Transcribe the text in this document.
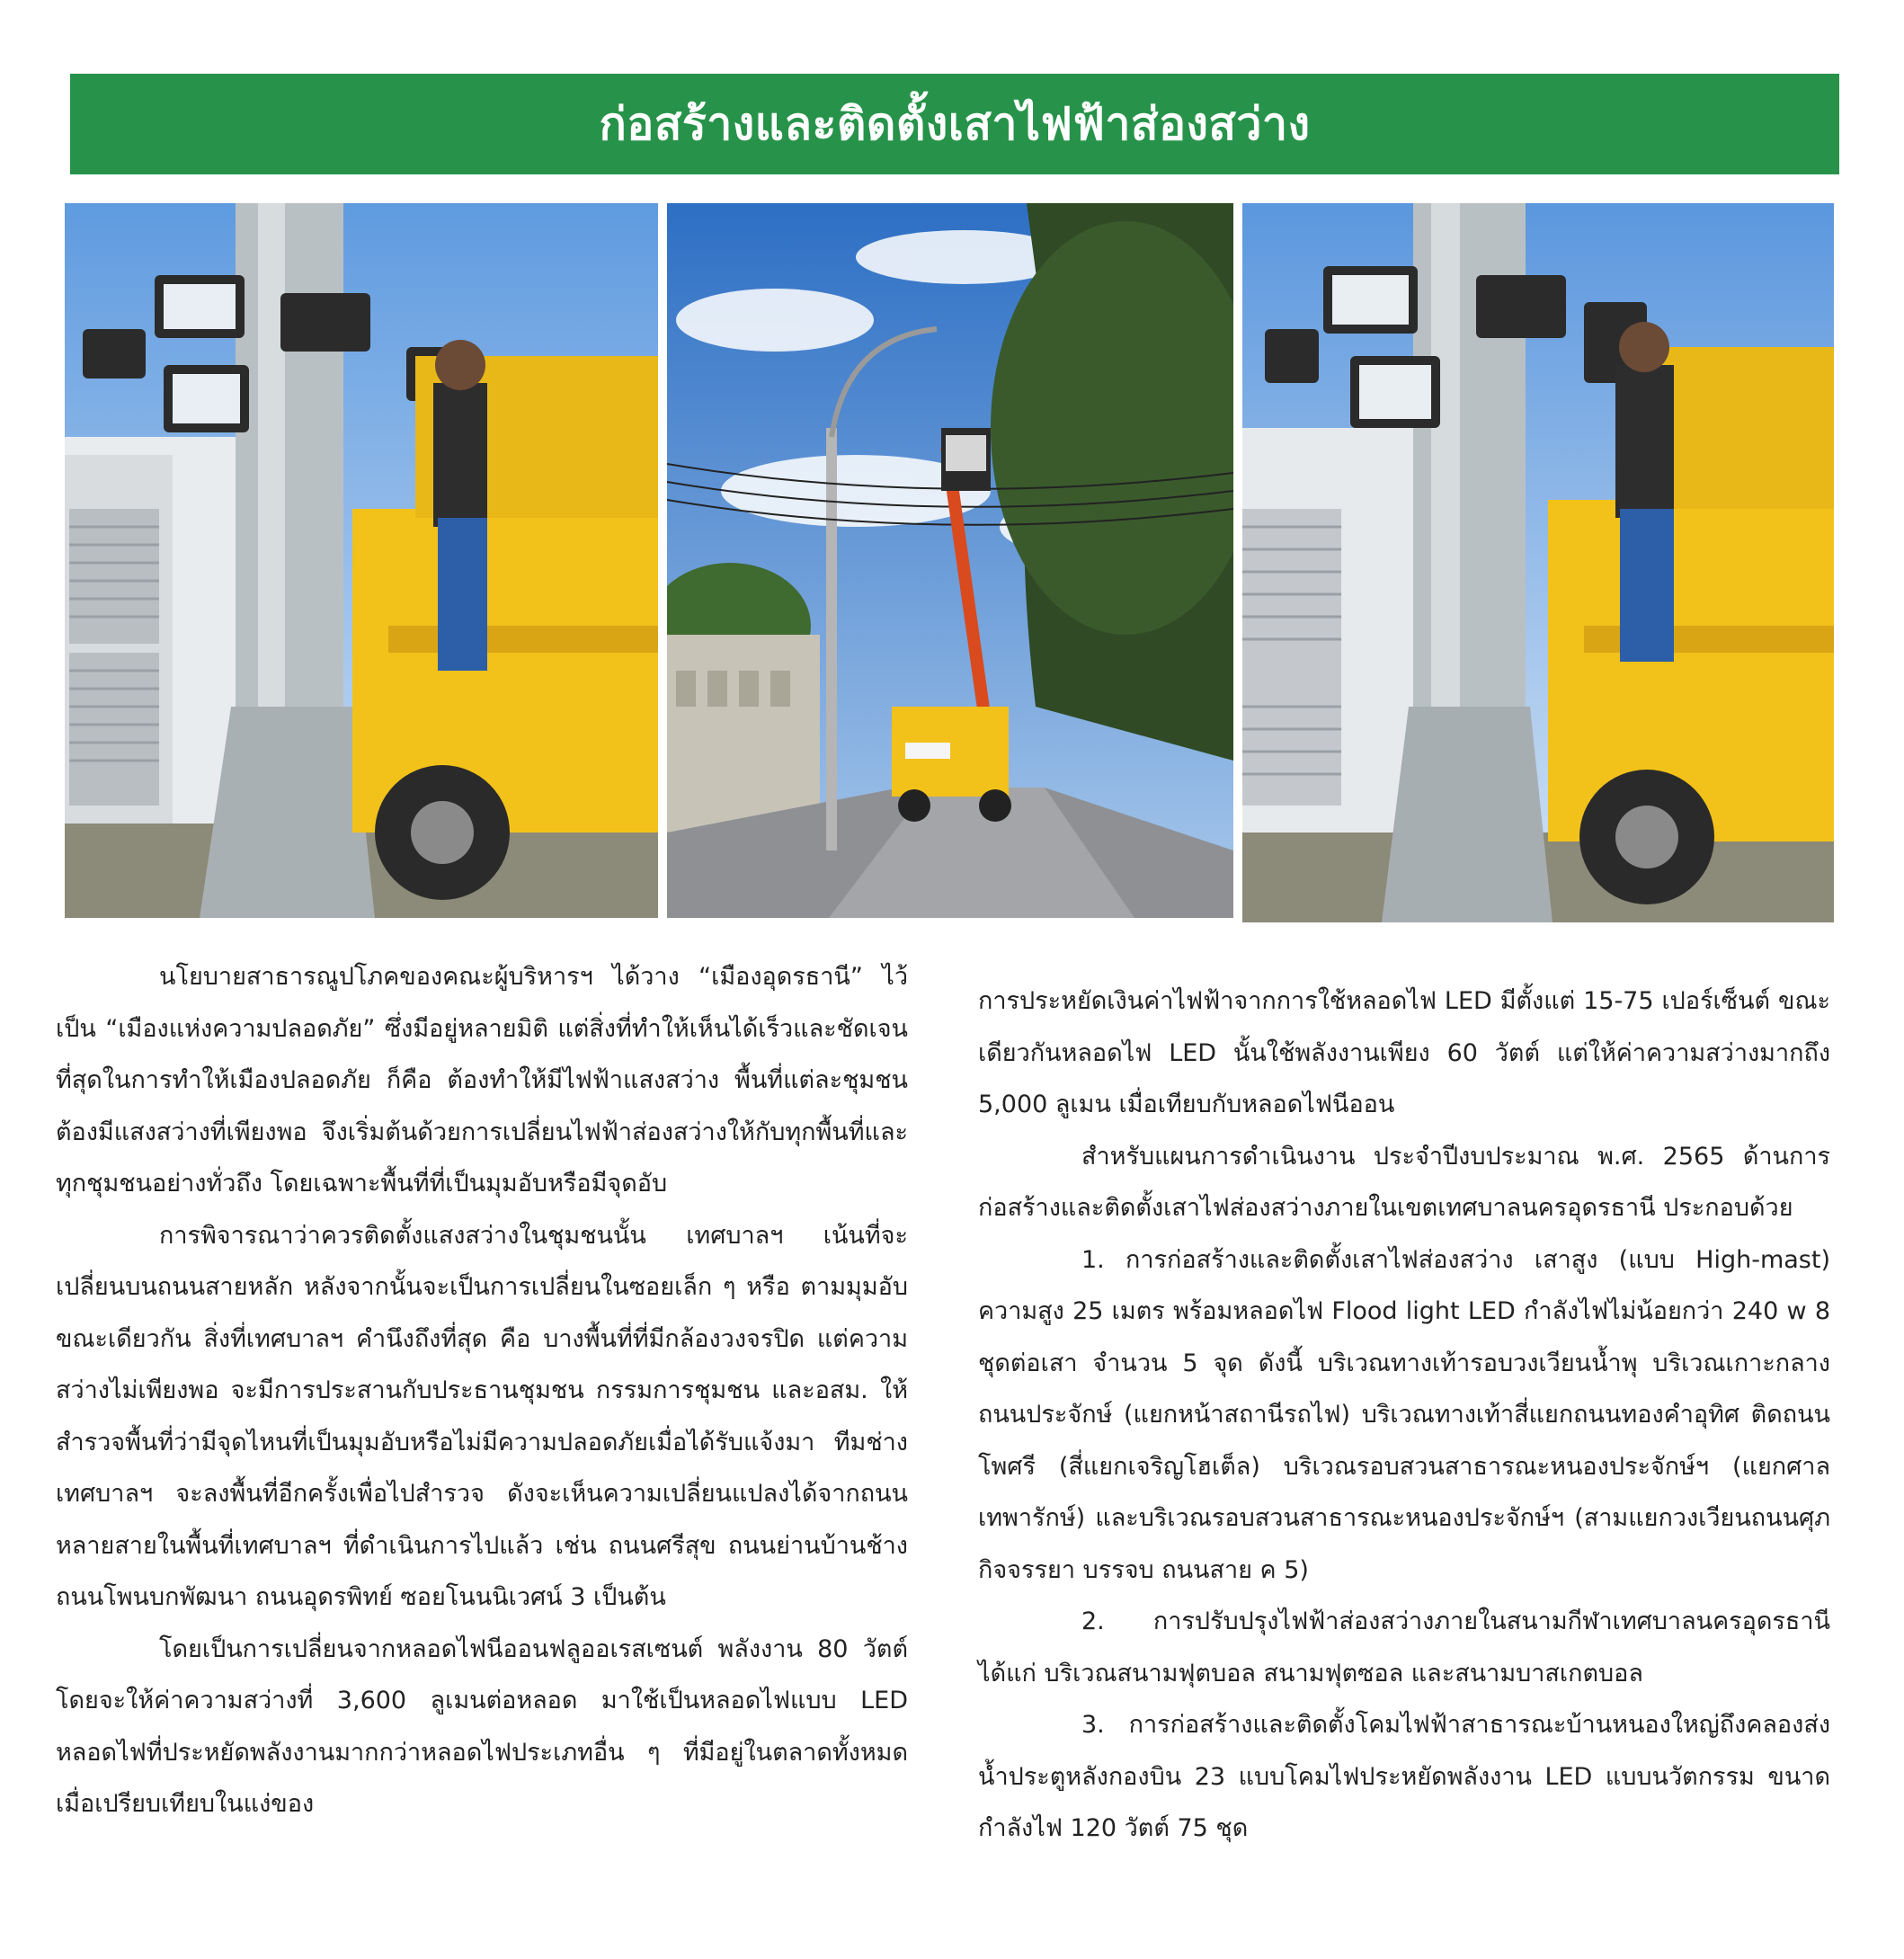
ก่อสร้างและติดตั้งเสาไฟฟ้าส่องสว่าง

นโยบายสาธารณูปโภคของคณะผู้บริหารฯ ได้วาง “เมืองอุดรธานี” ไว้เป็น “เมืองแห่งความปลอดภัย” ซึ่งมีอยู่หลายมิติ แต่สิ่งที่ทำให้เห็นได้เร็วและชัดเจนที่สุดในการทำให้เมืองปลอดภัย ก็คือ ต้องทำให้มีไฟฟ้าแสงสว่าง พื้นที่แต่ละชุมชนต้องมีแสงสว่างที่เพียงพอ จึงเริ่มต้นด้วยการเปลี่ยนไฟฟ้าส่องสว่างให้กับทุกพื้นที่และทุกชุมชนอย่างทั่วถึง โดยเฉพาะพื้นที่ที่เป็นมุมอับหรือมีจุดอับ

การพิจารณาว่าควรติดตั้งแสงสว่างในชุมชนนั้น เทศบาลฯ เน้นที่จะเปลี่ยนบนถนนสายหลัก หลังจากนั้นจะเป็นการเปลี่ยนในซอยเล็ก ๆ หรือ ตามมุมอับ ขณะเดียวกัน สิ่งที่เทศบาลฯ คำนึงถึงที่สุด คือ บางพื้นที่ที่มีกล้องวงจรปิด แต่ความสว่างไม่เพียงพอ จะมีการประสานกับประธานชุมชน กรรมการชุมชน และอสม. ให้สำรวจพื้นที่ว่ามีจุดไหนที่เป็นมุมอับหรือไม่มีความปลอดภัยเมื่อได้รับแจ้งมา ทีมช่างเทศบาลฯ จะลงพื้นที่อีกครั้งเพื่อไปสำรวจ ดังจะเห็นความเปลี่ยนแปลงได้จากถนนหลายสายในพื้นที่เทศบาลฯ ที่ดำเนินการไปแล้ว เช่น ถนนศรีสุข ถนนย่านบ้านช้าง ถนนโพนบกพัฒนา ถนนอุดรพิทย์ ซอยโนนนิเวศน์ 3 เป็นต้น

โดยเป็นการเปลี่ยนจากหลอดไฟนีออนฟลูออเรสเซนต์ พลังงาน 80 วัตต์ โดยจะให้ค่าความสว่างที่ 3,600 ลูเมนต่อหลอด มาใช้เป็นหลอดไฟแบบ LED หลอดไฟที่ประหยัดพลังงานมากกว่าหลอดไฟประเภทอื่น ๆ ที่มีอยู่ในตลาดทั้งหมด เมื่อเปรียบเทียบในแง่ของ

การประหยัดเงินค่าไฟฟ้าจากการใช้หลอดไฟ LED มีตั้งแต่ 15-75 เปอร์เซ็นต์ ขณะเดียวกันหลอดไฟ LED นั้นใช้พลังงานเพียง 60 วัตต์ แต่ให้ค่าความสว่างมากถึง 5,000 ลูเมน เมื่อเทียบกับหลอดไฟนีออน

สำหรับแผนการดำเนินงาน ประจำปีงบประมาณ พ.ศ. 2565 ด้านการก่อสร้างและติดตั้งเสาไฟส่องสว่างภายในเขตเทศบาลนครอุดรธานี ประกอบด้วย

1. การก่อสร้างและติดตั้งเสาไฟส่องสว่าง เสาสูง (แบบ High-mast) ความสูง 25 เมตร พร้อมหลอดไฟ Flood light LED กำลังไฟไม่น้อยกว่า 240 w 8 ชุดต่อเสา จำนวน 5 จุด ดังนี้ บริเวณทางเท้ารอบวงเวียนน้ำพุ บริเวณเกาะกลางถนนประจักษ์ (แยกหน้าสถานีรถไฟ) บริเวณทางเท้าสี่แยกถนนทองคำอุทิศ ติดถนนโพศรี (สี่แยกเจริญโฮเต็ล) บริเวณรอบสวนสาธารณะหนองประจักษ์ฯ (แยกศาลเทพารักษ์) และบริเวณรอบสวนสาธารณะหนองประจักษ์ฯ (สามแยกวงเวียนถนนศุภกิจจรรยา บรรจบ ถนนสาย ค 5)

2. การปรับปรุงไฟฟ้าส่องสว่างภายในสนามกีฬาเทศบาลนครอุดรธานี ได้แก่ บริเวณสนามฟุตบอล สนามฟุตซอล และสนามบาสเกตบอล

3. การก่อสร้างและติดตั้งโคมไฟฟ้าสาธารณะบ้านหนองใหญ่ถึงคลองส่งน้ำประตูหลังกองบิน 23 แบบโคมไฟประหยัดพลังงาน LED แบบนวัตกรรม ขนาดกำลังไฟ 120 วัตต์ 75 ชุด
